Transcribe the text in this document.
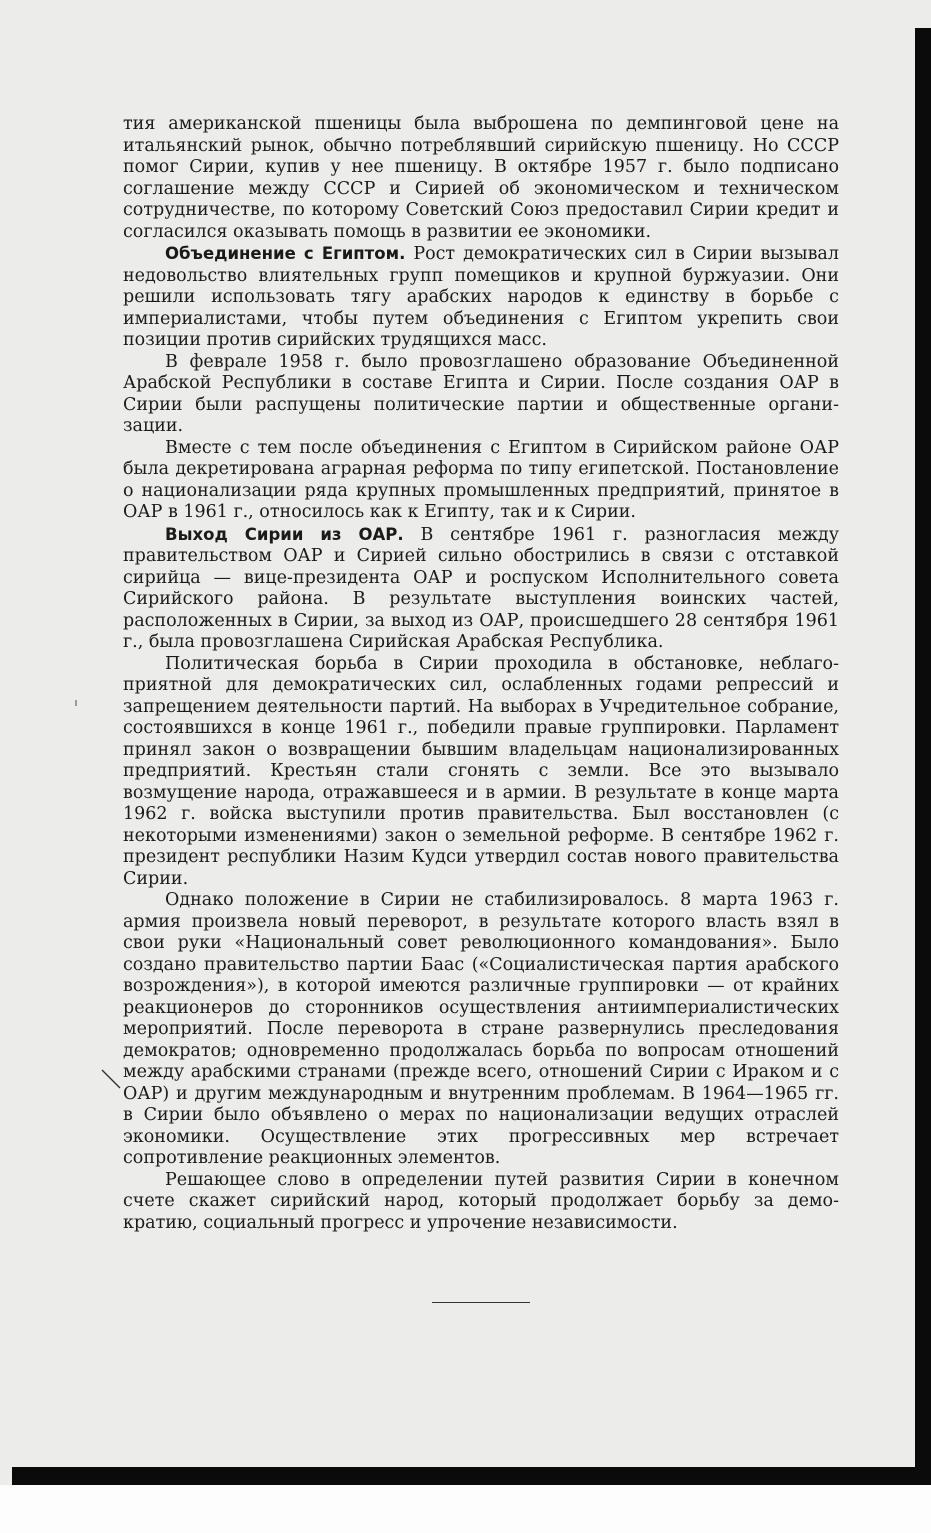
тия американской пшеницы была выброшена по демпинговой цене на итальянский рынок, обычно потреблявший сирийскую пшеницу. Но СССР помог Сирии, купив у нее пшеницу. В октябре 1957 г. было подписано соглашение между СССР и Сирией об экономическом и техническом сотрудничестве, по которому Советский Союз предоставил Сирии кредит и согласился оказывать помощь в развитии ее экономики.

Объединение с Египтом. Рост демократических сил в Сирии вызывал недовольство влиятельных групп помещиков и крупной буржуазии. Они решили использовать тягу арабских народов к единству в борьбе с империалистами, чтобы путем объединения с Египтом укрепить свои позиции против сирийских трудящихся масс.

В феврале 1958 г. было провозглашено образование Объединенной Арабской Республики в составе Египта и Сирии. После создания ОАР в Сирии были распущены политические партии и общественные организации.

Вместе с тем после объединения с Египтом в Сирийском районе ОАР была декретирована аграрная реформа по типу египетской. Постановление о национализации ряда крупных промышленных предприятий, принятое в ОАР в 1961 г., относилось как к Египту, так и к Сирии.

Выход Сирии из ОАР. В сентябре 1961 г. разногласия между правительством ОАР и Сирией сильно обострились в связи с отставкой сирийца — вице-президента ОАР и роспуском Исполнительного совета Сирийского района. В результате выступления воинских частей, расположенных в Сирии, за выход из ОАР, происшедшего 28 сентября 1961 г., была провозглашена Сирийская Арабская Республика.

Политическая борьба в Сирии проходила в обстановке, неблагоприятной для демократических сил, ослабленных годами репрессий и запрещением деятельности партий. На выборах в Учредительное собрание, состоявшихся в конце 1961 г., победили правые группировки. Парламент принял закон о возвращении бывшим владельцам национализированных предприятий. Крестьян стали сгонять с земли. Все это вызывало возмущение народа, отражавшееся и в армии. В результате в конце марта 1962 г. войска выступили против правительства. Был восстановлен (с некоторыми изменениями) закон о земельной реформе. В сентябре 1962 г. президент республики Назим Кудси утвердил состав нового правительства Сирии.

Однако положение в Сирии не стабилизировалось. 8 марта 1963 г. армия произвела новый переворот, в результате которого власть взял в свои руки «Национальный совет революционного командования». Было создано правительство партии Баас («Социалистическая партия арабского возрождения»), в которой имеются различные группировки — от крайних реакционеров до сторонников осуществления антиимпериалистических мероприятий. После переворота в стране развернулись преследования демократов; одновременно продолжалась борьба по вопросам отношений между арабскими странами (прежде всего, отношений Сирии с Ираком и с ОАР) и другим международным и внутренним проблемам. В 1964—1965 гг. в Сирии было объявлено о мерах по национализации ведущих отраслей экономики. Осуществление этих прогрессивных мер встречает сопротивление реакционных элементов.

Решающее слово в определении путей развития Сирии в конечном счете скажет сирийский народ, который продолжает борьбу за демократию, социальный прогресс и упрочение независимости.
